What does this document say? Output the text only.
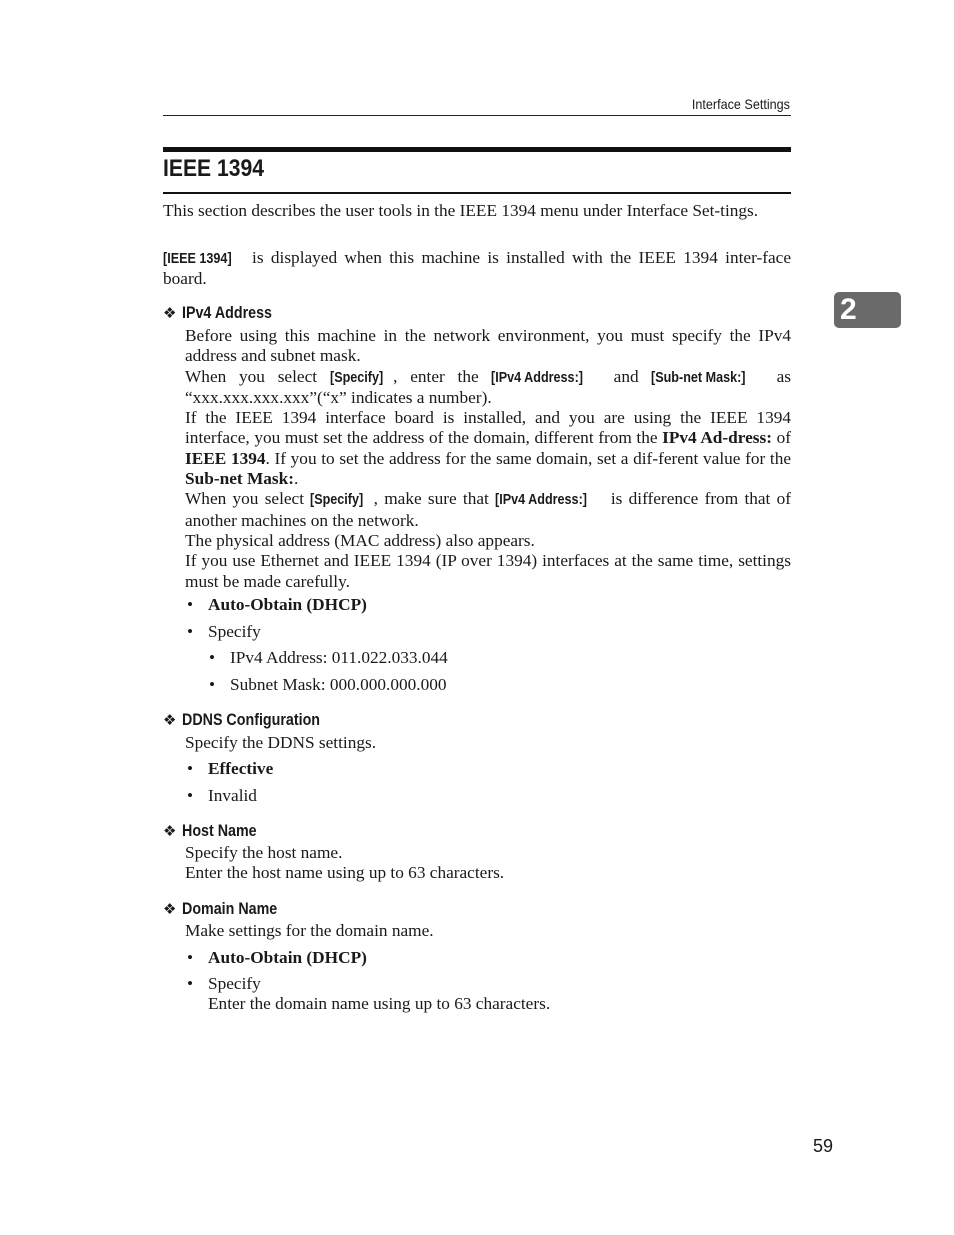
Interface Settings
2
IEEE 1394

This section describes the user tools in the IEEE 1394 menu under Interface Set-tings.

[IEEE 1394] is displayed when this machine is installed with the IEEE 1394 inter-face board.

❖ IPv4 Address
Before using this machine in the network environment, you must specify the IPv4 address and subnet mask.
When you select [Specify] , enter the [IPv4 Address:] and [Sub-net Mask:] as “xxx.xxx.xxx.xxx”(“x” indicates a number).
If the IEEE 1394 interface board is installed, and you are using the IEEE 1394 interface, you must set the address of the domain, different from the IPv4 Ad-dress: of IEEE 1394. If you to set the address for the same domain, set a dif-ferent value for the Sub-net Mask:.
When you select [Specify] , make sure that [IPv4 Address:] is difference from that of another machines on the network.
The physical address (MAC address) also appears.
If you use Ethernet and IEEE 1394 (IP over 1394) interfaces at the same time, settings must be made carefully.
• Auto-Obtain (DHCP)
• Specify
• IPv4 Address: 011.022.033.044
• Subnet Mask: 000.000.000.000
❖ DDNS Configuration
Specify the DDNS settings.
• Effective
• Invalid
❖ Host Name
Specify the host name.
Enter the host name using up to 63 characters.
❖ Domain Name
Make settings for the domain name.
• Auto-Obtain (DHCP)
• Specify
Enter the domain name using up to 63 characters.
59
